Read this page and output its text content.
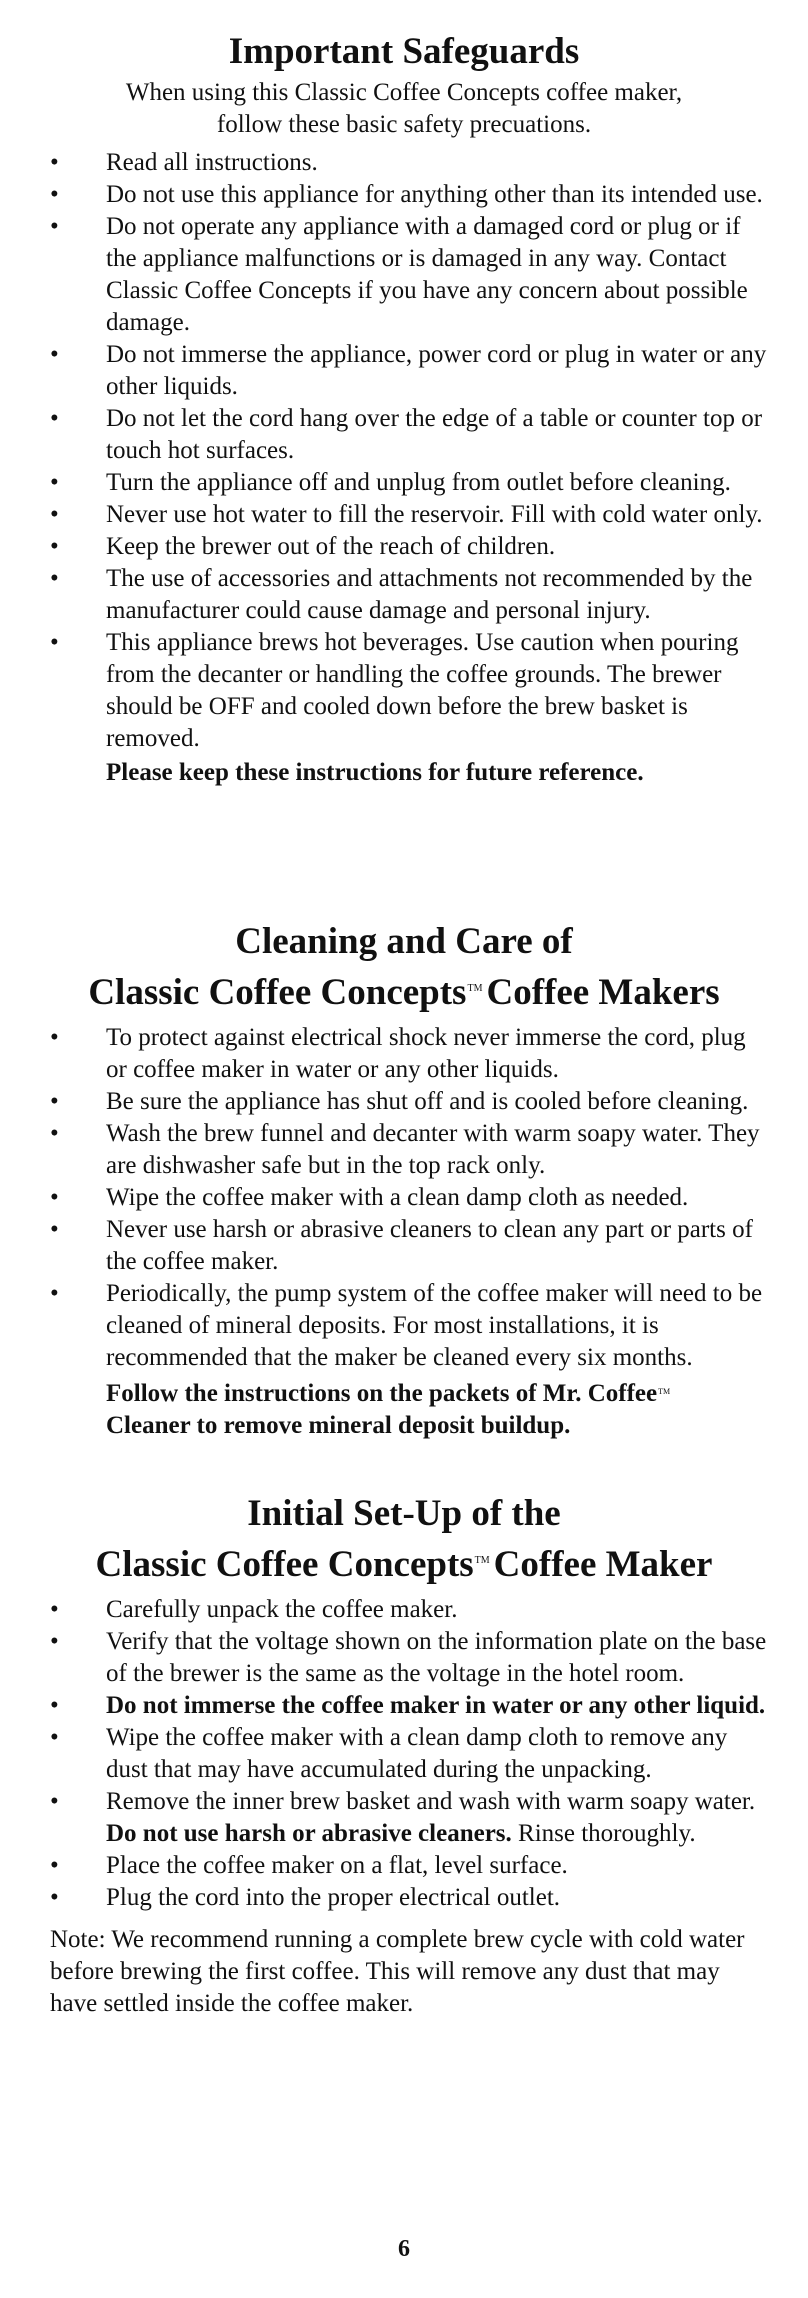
Important Safeguards

When using this Classic Coffee Concepts coffee maker,

follow these basic safety precuations.

• Read all instructions.
• Do not use this appliance for anything other than its intended use.
• Do not operate any appliance with a damaged cord or plug or if the appliance malfunctions or is damaged in any way. Contact Classic Coffee Concepts if you have any concern about possible damage.
• Do not immerse the appliance, power cord or plug in water or any other liquids.
• Do not let the cord hang over the edge of a table or counter top or touch hot surfaces.
• Turn the appliance off and unplug from outlet before cleaning.
• Never use hot water to fill the reservoir. Fill with cold water only.
• Keep the brewer out of the reach of children.
• The use of accessories and attachments not recommended by the manufacturer could cause damage and personal injury.
• This appliance brews hot beverages. Use caution when pouring from the decanter or handling the coffee grounds. The brewer should be OFF and cooled down before the brew basket is removed.

Please keep these instructions for future reference.

Cleaning and Care of
Classic Coffee Concepts™ Coffee Makers
• To protect against electrical shock never immerse the cord, plug or coffee maker in water or any other liquids.
• Be sure the appliance has shut off and is cooled before cleaning.
• Wash the brew funnel and decanter with warm soapy water. They are dishwasher safe but in the top rack only.
• Wipe the coffee maker with a clean damp cloth as needed.
• Never use harsh or abrasive cleaners to clean any part or parts of the coffee maker.
• Periodically, the pump system of the coffee maker will need to be cleaned of mineral deposits. For most installations, it is recommended that the maker be cleaned every six months.

Follow the instructions on the packets of Mr. Coffee™
Cleaner to remove mineral deposit buildup.

Initial Set-Up of the
Classic Coffee Concepts™ Coffee Maker
• Carefully unpack the coffee maker.
• Verify that the voltage shown on the information plate on the base of the brewer is the same as the voltage in the hotel room.
• Do not immerse the coffee maker in water or any other liquid.
• Wipe the coffee maker with a clean damp cloth to remove any dust that may have accumulated during the unpacking.
• Remove the inner brew basket and wash with warm soapy water. Do not use harsh or abrasive cleaners. Rinse thoroughly.
• Place the coffee maker on a flat, level surface.
• Plug the cord into the proper electrical outlet.

Note: We recommend running a complete brew cycle with cold water before brewing the first coffee. This will remove any dust that may have settled inside the coffee maker.

6
